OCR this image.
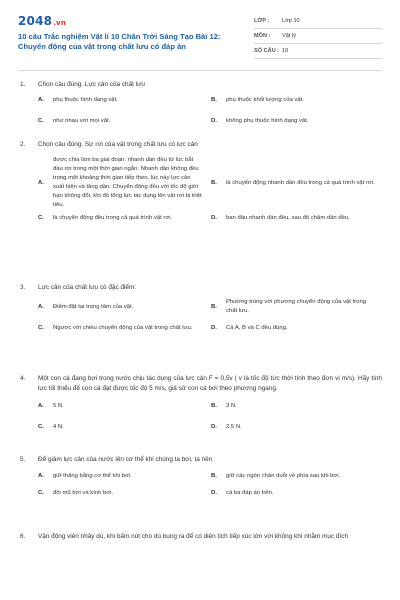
2048.vn
10 câu Trắc nghiệm Vật lí 10 Chân Trời Sáng Tạo Bài 12:
Chuyển động của vật trong chất lưu có đáp án
LỚP :	Lớp 10
MÔN :	Vật lý
SỐ CÂU : 10
1.	Chọn câu đúng. Lực cản của chất lưu
A.	phụ thuộc hình dạng vật.	B.	phụ thuộc khối lượng của vật.
C.	như nhau với mọi vật.	D.	không phụ thuộc hình dạng vật.
2.	Chọn câu đúng. Sự rơi của vật trong chất lưu có lực cản
A.
được chia làm ba giai đoạn: nhanh dần đều từ lúc bắt đầu rơi trong một thời gian ngắn. Nhanh dần không đều trong một khoảng thời gian tiếp theo, lúc này lực cản xuất hiện và tăng dần. Chuyển động đều với tốc độ giới hạn không đổi, khi đó tổng lực tác dụng lên vật rơi bị triệt tiêu.
B.	là chuyển động nhanh dần đều trong cả quá trình vật rơi.
C.	là chuyển động đều trong cả quá trình vật rơi.	D.	ban đầu nhanh dần đều, sau đó chậm dần đều.
3.	Lực cản của chất lưu có đặc điểm:
A.	Điểm đặt tại trọng tâm của vật.	B.
Phương trùng với phương chuyển động của vật trong chất lưu.
C.	Ngược với chiều chuyển động của vật trong chất lưu.	D.	Cả A, B và C đều đúng.
4.	Một con cá đang bơi trong nước chịu tác dụng của lực cản F = 0,5v ( v là tốc độ tức thời tính theo đơn vị m/s). Hãy tính lực tối thiểu để con cá đạt được tốc độ 5 m/s, giả sử con cá bơi theo phương ngang.
A.	5 N.	B.	3 N.
C.	4 N.	D.	2,5 N.
5.	Để giảm lực cản của nước lên cơ thể khi chúng ta bơi, ta nên
A.	giữ thăng bằng cơ thể khi bơi.	B.	giữ các ngón chân duỗi về phía sau khi bơi.
C.	đội mũ bơi và kính bơi.	D.	cả ba đáp án trên.
6.	Vận động viên nhảy dù, khi bấm nút cho dù bung ra để có diện tích tiếp xúc lớn với không khí nhằm mục đích
